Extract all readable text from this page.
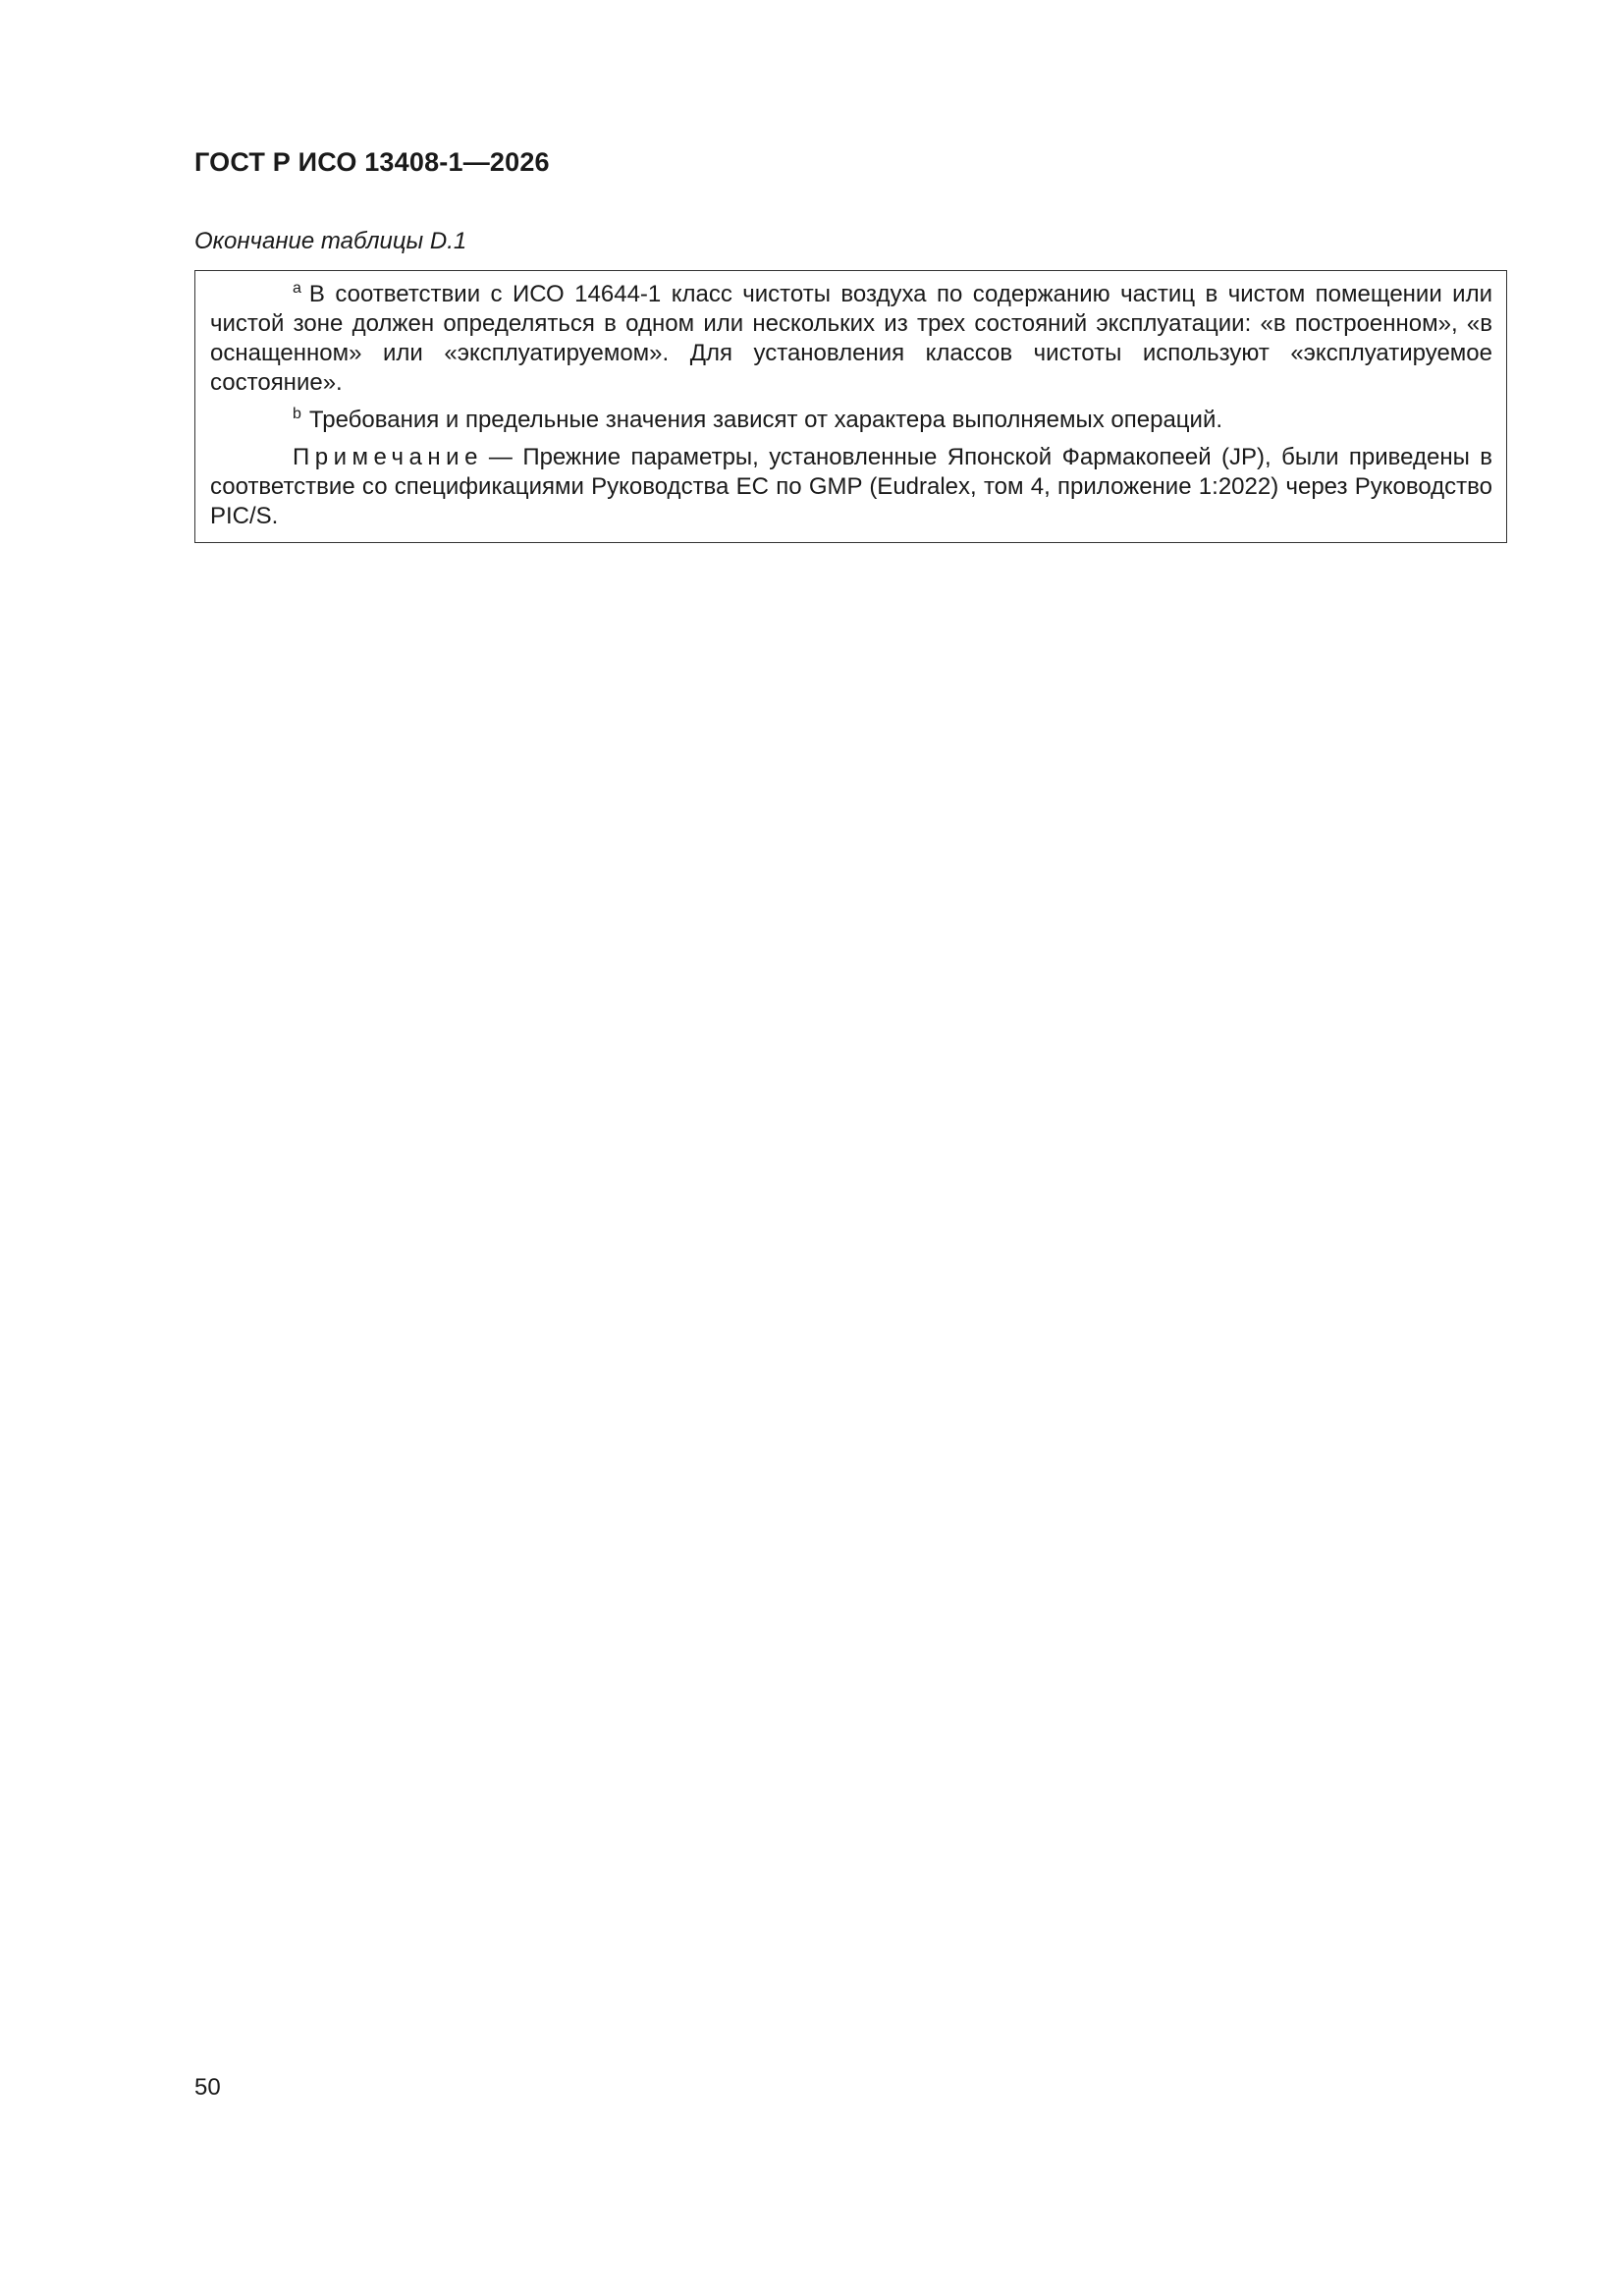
ГОСТ Р ИСО 13408-1—2026
Окончание таблицы D.1

$^a$ В соответствии с ИСО 14644-1 класс чистоты воздуха по содержанию частиц в чистом помещении или чистой зоне должен определяться в одном или нескольких из трех состояний эксплуатации: «в построенном», «в оснащенном» или «эксплуатируемом». Для установления классов чистоты используют «эксплуатируемое состояние».

$^b$ Требования и предельные значения зависят от характера выполняемых операций.

Примечание — Прежние параметры, установленные Японской Фармакопеей (JP), были приведены в соответствие со спецификациями Руководства ЕС по GMP (Eudralex, том 4, приложение 1:2022) через Руководство PIC/S.

50
